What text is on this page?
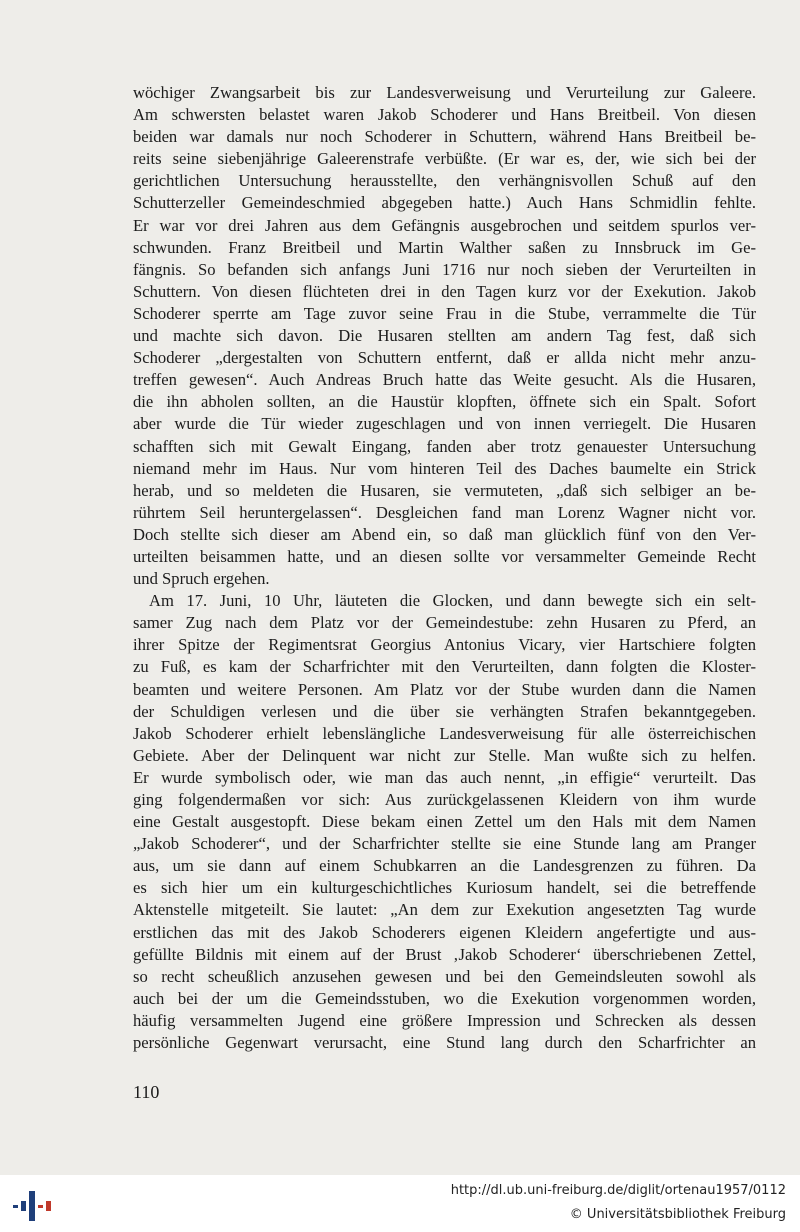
wöchiger Zwangsarbeit bis zur Landesverweisung und Verurteilung zur Galeere.
Am schwersten belastet waren Jakob Schoderer und Hans Breitbeil. Von diesen
beiden war damals nur noch Schoderer in Schuttern, während Hans Breitbeil be-
reits seine siebenjährige Galeerenstrafe verbüßte. (Er war es, der, wie sich bei der
gerichtlichen Untersuchung herausstellte, den verhängnisvollen Schuß auf den
Schutterzeller Gemeindeschmied abgegeben hatte.) Auch Hans Schmidlin fehlte.
Er war vor drei Jahren aus dem Gefängnis ausgebrochen und seitdem spurlos ver-
schwunden. Franz Breitbeil und Martin Walther saßen zu Innsbruck im Ge-
fängnis. So befanden sich anfangs Juni 1716 nur noch sieben der Verurteilten in
Schuttern. Von diesen flüchteten drei in den Tagen kurz vor der Exekution. Jakob
Schoderer sperrte am Tage zuvor seine Frau in die Stube, verrammelte die Tür
und machte sich davon. Die Husaren stellten am andern Tag fest, daß sich
Schoderer „dergestalten von Schuttern entfernt, daß er allda nicht mehr anzu-
treffen gewesen“. Auch Andreas Bruch hatte das Weite gesucht. Als die Husaren,
die ihn abholen sollten, an die Haustür klopften, öffnete sich ein Spalt. Sofort
aber wurde die Tür wieder zugeschlagen und von innen verriegelt. Die Husaren
schafften sich mit Gewalt Eingang, fanden aber trotz genauester Untersuchung
niemand mehr im Haus. Nur vom hinteren Teil des Daches baumelte ein Strick
herab, und so meldeten die Husaren, sie vermuteten, „daß sich selbiger an be-
rührtem Seil heruntergelassen“. Desgleichen fand man Lorenz Wagner nicht vor.
Doch stellte sich dieser am Abend ein, so daß man glücklich fünf von den Ver-
urteilten beisammen hatte, und an diesen sollte vor versammelter Gemeinde Recht
und Spruch ergehen.
Am 17. Juni, 10 Uhr, läuteten die Glocken, und dann bewegte sich ein selt-
samer Zug nach dem Platz vor der Gemeindestube: zehn Husaren zu Pferd, an
ihrer Spitze der Regimentsrat Georgius Antonius Vicary, vier Hartschiere folgten
zu Fuß, es kam der Scharfrichter mit den Verurteilten, dann folgten die Kloster-
beamten und weitere Personen. Am Platz vor der Stube wurden dann die Namen
der Schuldigen verlesen und die über sie verhängten Strafen bekanntgegeben.
Jakob Schoderer erhielt lebenslängliche Landesverweisung für alle österreichischen
Gebiete. Aber der Delinquent war nicht zur Stelle. Man wußte sich zu helfen.
Er wurde symbolisch oder, wie man das auch nennt, „in effigie“ verurteilt. Das
ging folgendermaßen vor sich: Aus zurückgelassenen Kleidern von ihm wurde
eine Gestalt ausgestopft. Diese bekam einen Zettel um den Hals mit dem Namen
„Jakob Schoderer“, und der Scharfrichter stellte sie eine Stunde lang am Pranger
aus, um sie dann auf einem Schubkarren an die Landesgrenzen zu führen. Da
es sich hier um ein kulturgeschichtliches Kuriosum handelt, sei die betreffende
Aktenstelle mitgeteilt. Sie lautet: „An dem zur Exekution angesetzten Tag wurde
erstlichen das mit des Jakob Schoderers eigenen Kleidern angefertigte und aus-
gefüllte Bildnis mit einem auf der Brust ‚Jakob Schoderer‘ überschriebenen Zettel,
so recht scheußlich anzusehen gewesen und bei den Gemeindsleuten sowohl als
auch bei der um die Gemeindsstuben, wo die Exekution vorgenommen worden,
häufig versammelten Jugend eine größere Impression und Schrecken als dessen
persönliche Gegenwart verursacht, eine Stund lang durch den Scharfrichter an
110
http://dl.ub.uni-freiburg.de/diglit/ortenau1957/0112
© Universitätsbibliothek Freiburg
